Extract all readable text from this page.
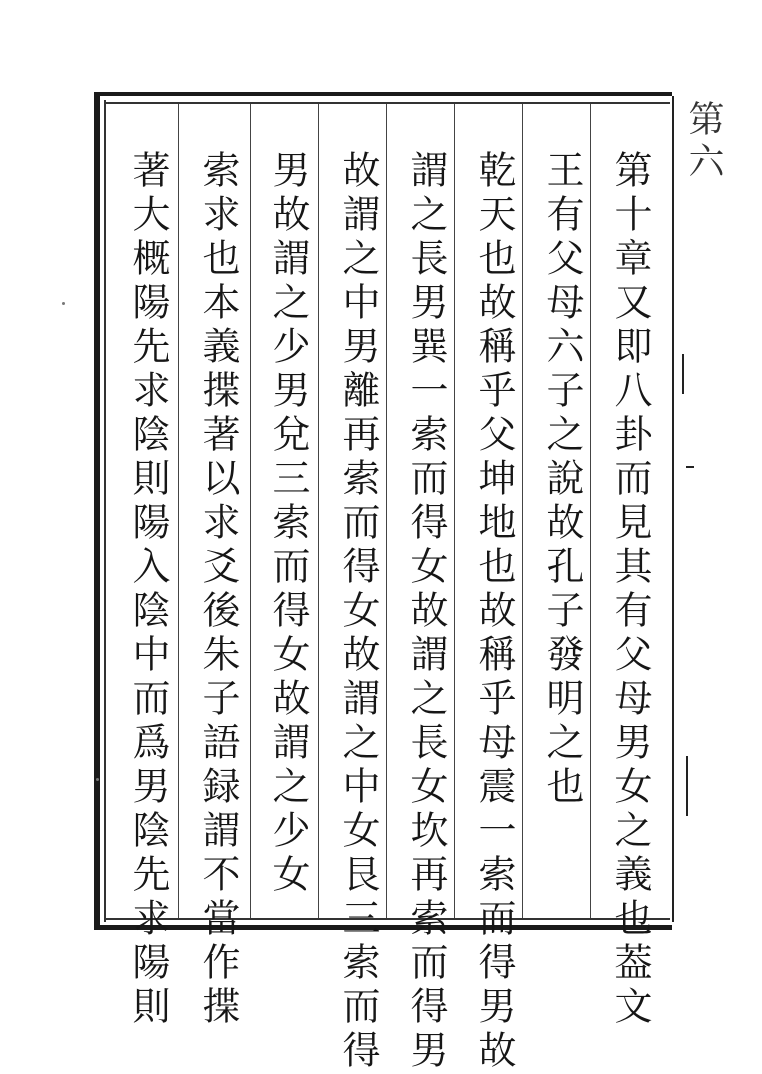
第十章又即八卦而見其有父母男女之義也葢文
王有父母六子之說故孔子發明之也
乾天也故稱乎父坤地也故稱乎母震一索而得男故
謂之長男巽一索而得女故謂之長女坎再索而得男
故謂之中男離再索而得女故謂之中女艮三索而得
男故謂之少男兌三索而得女故謂之少女
索求也本義揲著以求爻後朱子語録謂不當作揲
著大概陽先求陰則陽入陰中而爲男陰先求陽則
第六
